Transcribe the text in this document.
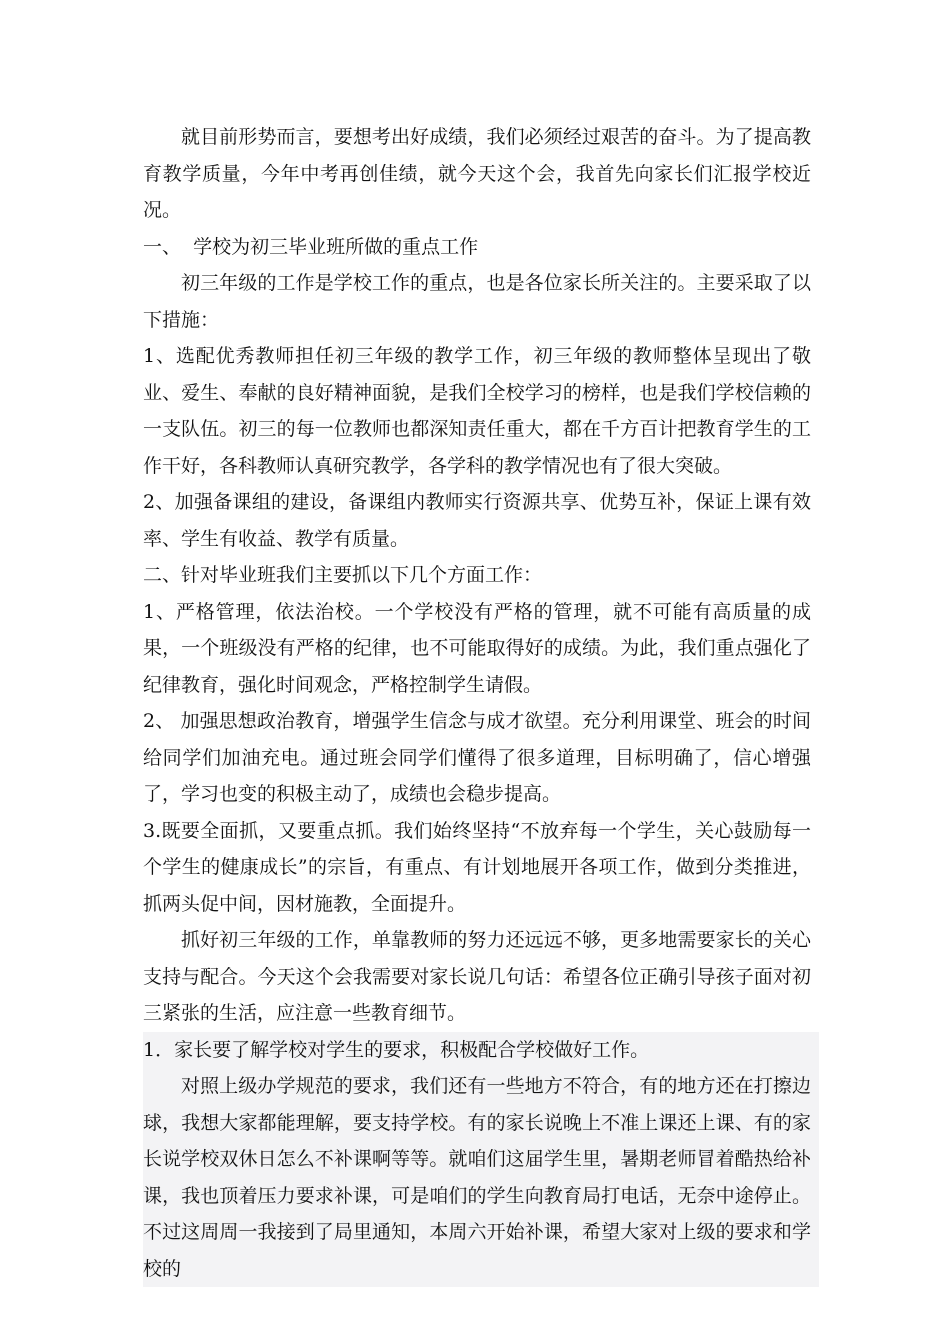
就目前形势而言，要想考出好成绩，我们必须经过艰苦的奋斗。为了提高教育教学质量，今年中考再创佳绩，就今天这个会，我首先向家长们汇报学校近况。

一、  学校为初三毕业班所做的重点工作

初三年级的工作是学校工作的重点，也是各位家长所关注的。主要采取了以下措施：

1、选配优秀教师担任初三年级的教学工作，初三年级的教师整体呈现出了敬业、爱生、奉献的良好精神面貌，是我们全校学习的榜样，也是我们学校信赖的一支队伍。初三的每一位教师也都深知责任重大，都在千方百计把教育学生的工作干好，各科教师认真研究教学，各学科的教学情况也有了很大突破。

2、加强备课组的建设，备课组内教师实行资源共享、优势互补，保证上课有效率、学生有收益、教学有质量。

二、针对毕业班我们主要抓以下几个方面工作：

1、严格管理，依法治校。一个学校没有严格的管理，就不可能有高质量的成果，一个班级没有严格的纪律，也不可能取得好的成绩。为此，我们重点强化了纪律教育，强化时间观念，严格控制学生请假。

2、 加强思想政治教育，增强学生信念与成才欲望。充分利用课堂、班会的时间给同学们加油充电。通过班会同学们懂得了很多道理，目标明确了，信心增强了，学习也变的积极主动了，成绩也会稳步提高。

3.既要全面抓，又要重点抓。我们始终坚持“不放弃每一个学生，关心鼓励每一个学生的健康成长”的宗旨，有重点、有计划地展开各项工作，做到分类推进，抓两头促中间，因材施教，全面提升。

抓好初三年级的工作，单靠教师的努力还远远不够，更多地需要家长的关心支持与配合。今天这个会我需要对家长说几句话：希望各位正确引导孩子面对初三紧张的生活，应注意一些教育细节。

1．家长要了解学校对学生的要求，积极配合学校做好工作。

对照上级办学规范的要求，我们还有一些地方不符合，有的地方还在打擦边球，我想大家都能理解，要支持学校。有的家长说晚上不准上课还上课、有的家长说学校双休日怎么不补课啊等等。就咱们这届学生里，暑期老师冒着酷热给补课，我也顶着压力要求补课，可是咱们的学生向教育局打电话，无奈中途停止。不过这周周一我接到了局里通知，本周六开始补课，希望大家对上级的要求和学校的
